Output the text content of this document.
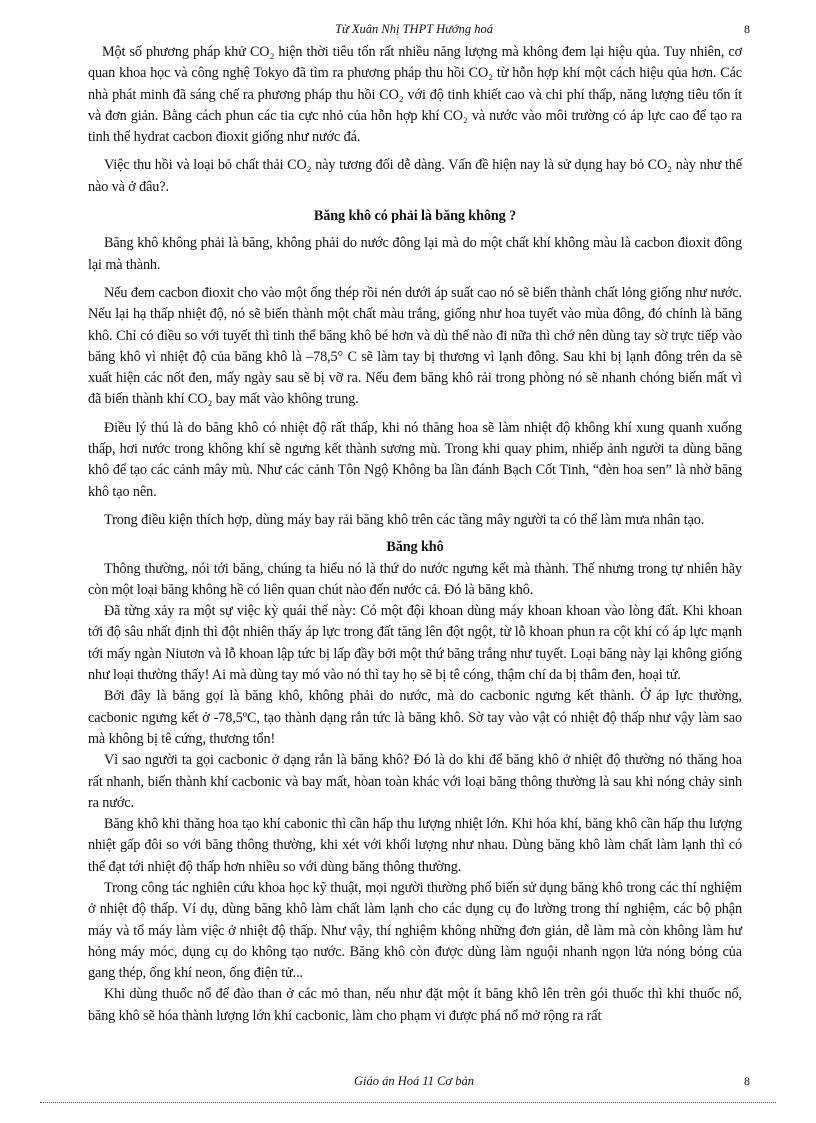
Từ Xuân Nhị THPT Hướng hoá	8

Một số phương pháp khử CO₂ hiện thời tiêu tốn rất nhiều năng lượng mà không đem lại hiệu qủa. Tuy nhiên, cơ quan khoa học và công nghệ Tokyo đã tìm ra phương pháp thu hồi CO₂ từ hỗn hợp khí một cách hiệu qủa hơn. Các nhà phát minh đã sáng chế ra phương pháp thu hồi CO₂ với độ tinh khiết cao và chi phí thấp, năng lượng tiêu tốn ít và đơn giản. Bằng cách phun các tia cực nhỏ của hỗn hợp khí CO₂ và nước vào môi trường có áp lực cao để tạo ra tinh thể hydrat cacbon đioxit giống như nước đá.

Việc thu hồi và loại bỏ chất thải CO₂ này tương đối dễ dàng. Vấn đề hiện nay là sử dụng hay bỏ CO₂ này như thế nào và ở đâu?.

Băng khô có phải là băng không ?

Băng khô không phải là băng, không phải do nước đông lại mà do một chất khí không màu là cacbon đioxit đông lại mà thành.

Nếu đem cacbon đioxit cho vào một ống thép rồi nén dưới áp suất cao nó sẽ biến thành chất lỏng giống như nước. Nếu lại hạ thấp nhiệt độ, nó sẽ biến thành một chất màu trắng, giống như hoa tuyết vào mùa đông, đó chính là băng khô. Chỉ có điều so với tuyết thì tinh thể băng khô bé hơn và dù thế nào đi nữa thì chớ nên dùng tay sờ trực tiếp vào băng khô vì nhiệt độ của băng khô là –78,5° C sẽ làm tay bị thương vì lạnh đông. Sau khi bị lạnh đông trên da sẽ xuất hiện các nốt đen, mấy ngày sau sẽ bị vỡ ra. Nếu đem băng khô rải trong phòng nó sẽ nhanh chóng biến mất vì đã biến thành khí CO₂ bay mất vào không trung.

Điều lý thú là do băng khô có nhiệt độ rất thấp, khi nó thăng hoa sẽ làm nhiệt độ không khí xung quanh xuống thấp, hơi nước trong không khí sẽ ngưng kết thành sương mù. Trong khi quay phim, nhiếp ảnh người ta dùng băng khô để tạo các cảnh mây mù. Như các cảnh Tôn Ngộ Không ba lần đánh Bạch Cốt Tinh, “đèn hoa sen” là nhờ băng khô tạo nên.

Trong điều kiện thích hợp, dùng máy bay rải băng khô trên các tầng mây người ta có thể làm mưa nhân tạo.

Băng khô

Thông thường, nói tới băng, chúng ta hiểu nó là thứ do nước ngưng kết mà thành. Thế nhưng trong tự nhiên hãy còn một loại băng không hề có liên quan chút nào đến nước cả. Đó là băng khô.

Đã từng xảy ra một sự việc kỳ quái thế này: Có một đội khoan dùng máy khoan khoan vào lòng đất. Khi khoan tới độ sâu nhất định thì đột nhiên thấy áp lực trong đất tăng lên đột ngột, từ lỗ khoan phun ra cột khí có áp lực mạnh tới mấy ngàn Niutơn và lỗ khoan lập tức bị lấp đầy bởi một thứ băng trắng như tuyết. Loại băng này lại không giống như loại thường thấy! Ai mà dùng tay mó vào nó thì tay họ sẽ bị tê cóng, thậm chí da bị thâm đen, hoại tử.

Bởi đây là băng gọi là băng khô, không phải do nước, mà do cacbonic ngưng kết thành. Ở áp lực thường, cacbonic ngưng kết ở -78,5ºC, tạo thành dạng rắn tức là băng khô. Sờ tay vào vật có nhiệt độ thấp như vậy làm sao mà không bị tê cứng, thương tổn!

Vì sao người ta gọi cacbonic ở dạng rắn là băng khô? Đó là do khi để băng khô ở nhiệt độ thường nó thăng hoa rất nhanh, biến thành khí cacbonic và bay mất, hòan toàn khác với loại băng thông thường là sau khi nóng chảy sinh ra nước.

Băng khô khi thăng hoa tạo khí cabonic thì cần hấp thu lượng nhiệt lớn. Khi hóa khí, băng khô cần hấp thu lượng nhiệt gấp đôi so với băng thông thường, khi xét với khối lượng như nhau. Dùng băng khô làm chất làm lạnh thì có thể đạt tới nhiệt độ thấp hơn nhiều so với dùng băng thông thường.

Trong công tác nghiên cứu khoa học kỹ thuật, mọi người thường phổ biến sử dụng băng khô trong các thí nghiệm ở nhiệt độ thấp. Ví dụ, dùng băng khô làm chất làm lạnh cho các dụng cụ đo lường trong thí nghiệm, các bộ phận máy và tổ máy làm việc ở nhiệt độ thấp. Như vậy, thí nghiệm không những đơn giản, dễ làm mà còn không làm hư hỏng máy móc, dụng cụ do không tạo nước. Băng khô còn được dùng làm nguội nhanh ngọn lửa nóng bỏng của gang thép, ống khí neon, ống điện tử...

Khi dùng thuốc nổ để đào than ở các mỏ than, nếu như đặt một ít băng khô lên trên gói thuốc thì khi thuốc nổ, băng khô sẽ hóa thành lượng lớn khí cacbonic, làm cho phạm vi được phá nổ mở rộng ra rất

Giáo án Hoá 11 Cơ bản	8
